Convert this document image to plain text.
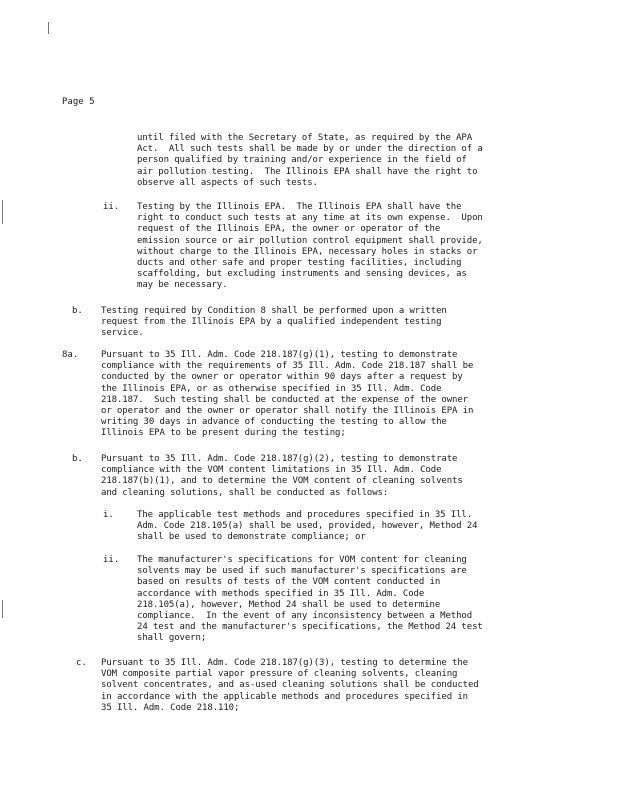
Page 5
until filed with the Secretary of State, as required by the APA
Act.  All such tests shall be made by or under the direction of a
person qualified by training and/or experience in the field of
air pollution testing.  The Illinois EPA shall have the right to
observe all aspects of such tests.
ii. Testing by the Illinois EPA.  The Illinois EPA shall have the
right to conduct such tests at any time at its own expense.  Upon
request of the Illinois EPA, the owner or operator of the
emission source or air pollution control equipment shall provide,
without charge to the Illinois EPA, necessary holes in stacks or
ducts and other safe and proper testing facilities, including
scaffolding, but excluding instruments and sensing devices, as
may be necessary.
b. Testing required by Condition 8 shall be performed upon a written
request from the Illinois EPA by a qualified independent testing
service.
8a.	Pursuant to 35 Ill. Adm. Code 218.187(g)(1), testing to demonstrate
compliance with the requirements of 35 Ill. Adm. Code 218.187 shall be
conducted by the owner or operator within 90 days after a request by
the Illinois EPA, or as otherwise specified in 35 Ill. Adm. Code
218.187.  Such testing shall be conducted at the expense of the owner
or operator and the owner or operator shall notify the Illinois EPA in
writing 30 days in advance of conducting the testing to allow the
Illinois EPA to be present during the testing;
b. Pursuant to 35 Ill. Adm. Code 218.187(g)(2), testing to demonstrate
compliance with the VOM content limitations in 35 Ill. Adm. Code
218.187(b)(1), and to determine the VOM content of cleaning solvents
and cleaning solutions, shall be conducted as follows:
i.	The applicable test methods and procedures specified in 35 Ill.
Adm. Code 218.105(a) shall be used, provided, however, Method 24
shall be used to demonstrate compliance; or
ii. The manufacturer's specifications for VOM content for cleaning
solvents may be used if such manufacturer's specifications are
based on results of tests of the VOM content conducted in
accordance with methods specified in 35 Ill. Adm. Code
218.105(a), however, Method 24 shall be used to determine
compliance.  In the event of any inconsistency between a Method
24 test and the manufacturer's specifications, the Method 24 test
shall govern;
c. Pursuant to 35 Ill. Adm. Code 218.187(g)(3), testing to determine the
VOM composite partial vapor pressure of cleaning solvents, cleaning
solvent concentrates, and as-used cleaning solutions shall be conducted
in accordance with the applicable methods and procedures specified in
35 Ill. Adm. Code 218.110;
